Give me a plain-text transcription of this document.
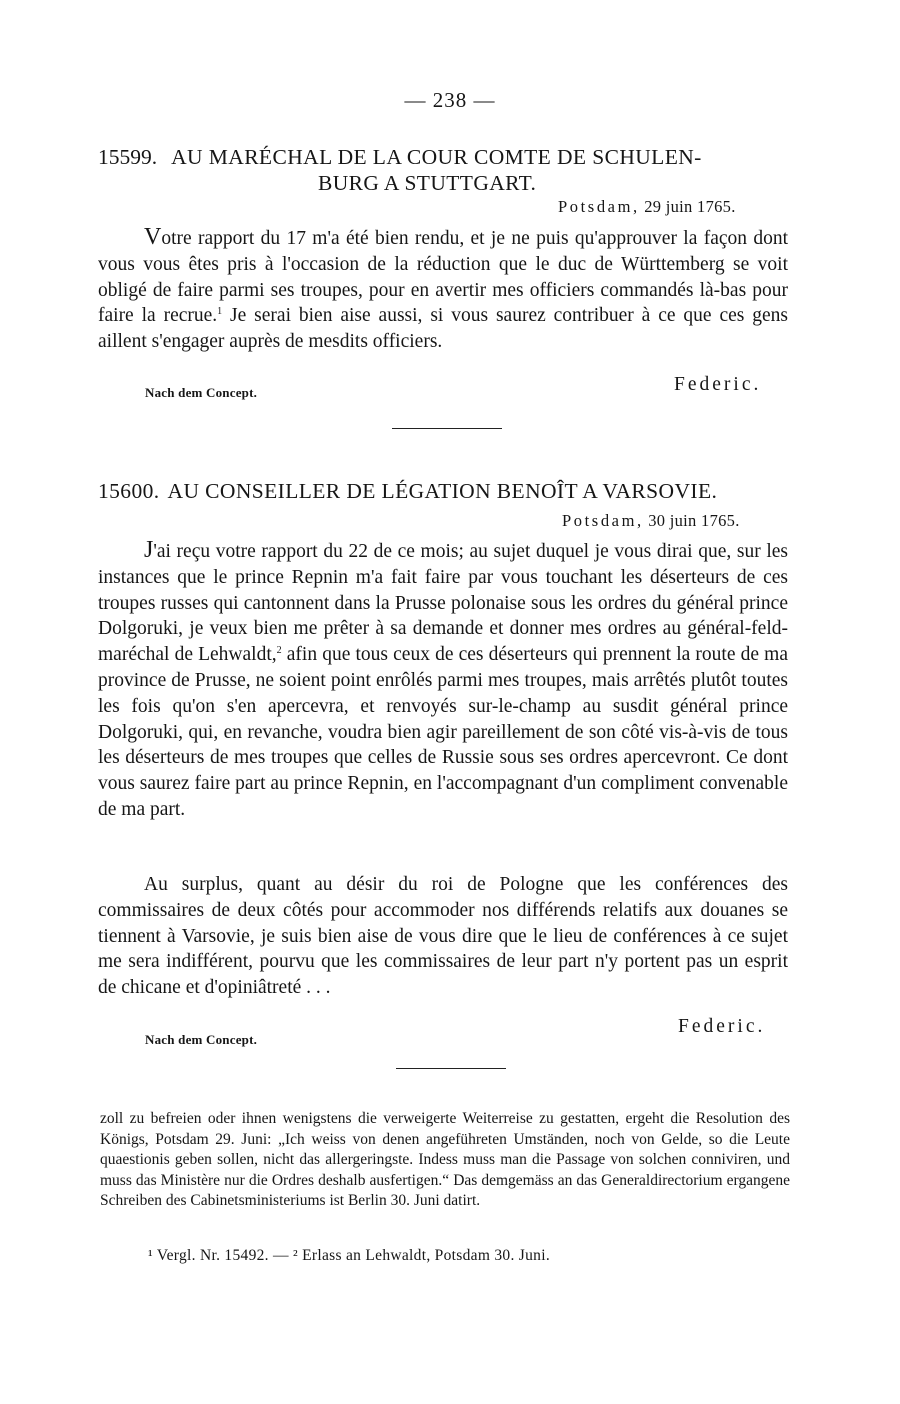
— 238 —
15599. AU MARÉCHAL DE LA COUR COMTE DE SCHULEN-
BURG A STUTTGART.
Potsdam, 29 juin 1765.

Votre rapport du 17 m'a été bien rendu, et je ne puis qu'approuver la façon dont vous vous êtes pris à l'occasion de la réduction que le duc de Württemberg se voit obligé de faire parmi ses troupes, pour en avertir mes officiers commandés là-bas pour faire la recrue.$^1$ Je serai bien aise aussi, si vous saurez contribuer à ce que ces gens aillent s'engager auprès de mesdits officiers.

Nach dem Concept.	Federic.
15600. AU CONSEILLER DE LÉGATION BENOÎT A VARSOVIE.
Potsdam, 30 juin 1765.

J'ai reçu votre rapport du 22 de ce mois; au sujet duquel je vous dirai que, sur les instances que le prince Repnin m'a fait faire par vous touchant les déserteurs de ces troupes russes qui cantonnent dans la Prusse polonaise sous les ordres du général prince Dolgoruki, je veux bien me prêter à sa demande et donner mes ordres au général-feld-maréchal de Lehwaldt,$^2$ afin que tous ceux de ces déserteurs qui prennent la route de ma province de Prusse, ne soient point enrôlés parmi mes troupes, mais arrêtés plutôt toutes les fois qu'on s'en apercevra, et renvoyés sur-le-champ au susdit général prince Dolgoruki, qui, en revanche, voudra bien agir pareillement de son côté vis-à-vis de tous les déserteurs de mes troupes que celles de Russie sous ses ordres apercevront. Ce dont vous saurez faire part au prince Repnin, en l'accompagnant d'un compliment convenable de ma part.

Au surplus, quant au désir du roi de Pologne que les conférences des commissaires de deux côtés pour accommoder nos différends relatifs aux douanes se tiennent à Varsovie, je suis bien aise de vous dire que le lieu de conférences à ce sujet me sera indifférent, pourvu que les commissaires de leur part n'y portent pas un esprit de chicane et d'opiniâtreté . . .

Nach dem Concept.
Federic.

zoll zu befreien oder ihnen wenigstens die verweigerte Weiterreise zu gestatten, ergeht die Resolution des Königs, Potsdam 29. Juni: „Ich weiss von denen angeführeten Umständen, noch von Gelde, so die Leute quaestionis geben sollen, nicht das allergeringste. Indess muss man die Passage von solchen conniviren, und muss das Ministère nur die Ordres deshalb ausfertigen.“ Das demgemäss an das Generaldirectorium ergangene Schreiben des Cabinetsministeriums ist Berlin 30. Juni datirt.

¹ Vergl. Nr. 15492. — ² Erlass an Lehwaldt, Potsdam 30. Juni.
